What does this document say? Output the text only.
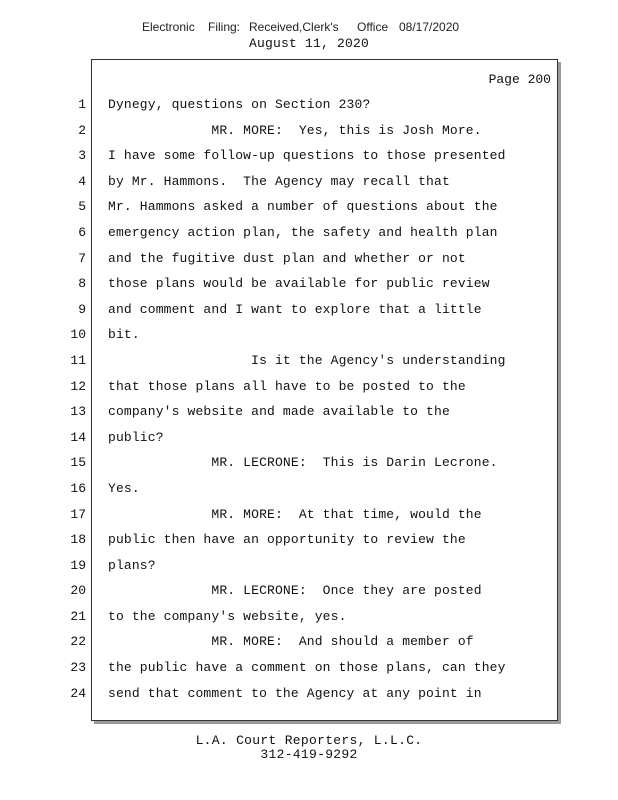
Electronic Filing: Received,Clerk's Office 08/17/2020
August 11, 2020
Page 200
1
2
3
4
5
6
7
8
9
10
11
12
13
14
15
16
17
18
19
20
21
22
23
24
Dynegy, questions on Section 230?
MR. MORE:  Yes, this is Josh More.
I have some follow-up questions to those presented
by Mr. Hammons.  The Agency may recall that
Mr. Hammons asked a number of questions about the
emergency action plan, the safety and health plan
and the fugitive dust plan and whether or not
those plans would be available for public review
and comment and I want to explore that a little
bit.
Is it the Agency's understanding
that those plans all have to be posted to the
company's website and made available to the
public?
MR. LECRONE:  This is Darin Lecrone.
Yes.
MR. MORE:  At that time, would the
public then have an opportunity to review the
plans?
MR. LECRONE:  Once they are posted
to the company's website, yes.
MR. MORE:  And should a member of
the public have a comment on those plans, can they
send that comment to the Agency at any point in
L.A. Court Reporters, L.L.C.
312-419-9292
